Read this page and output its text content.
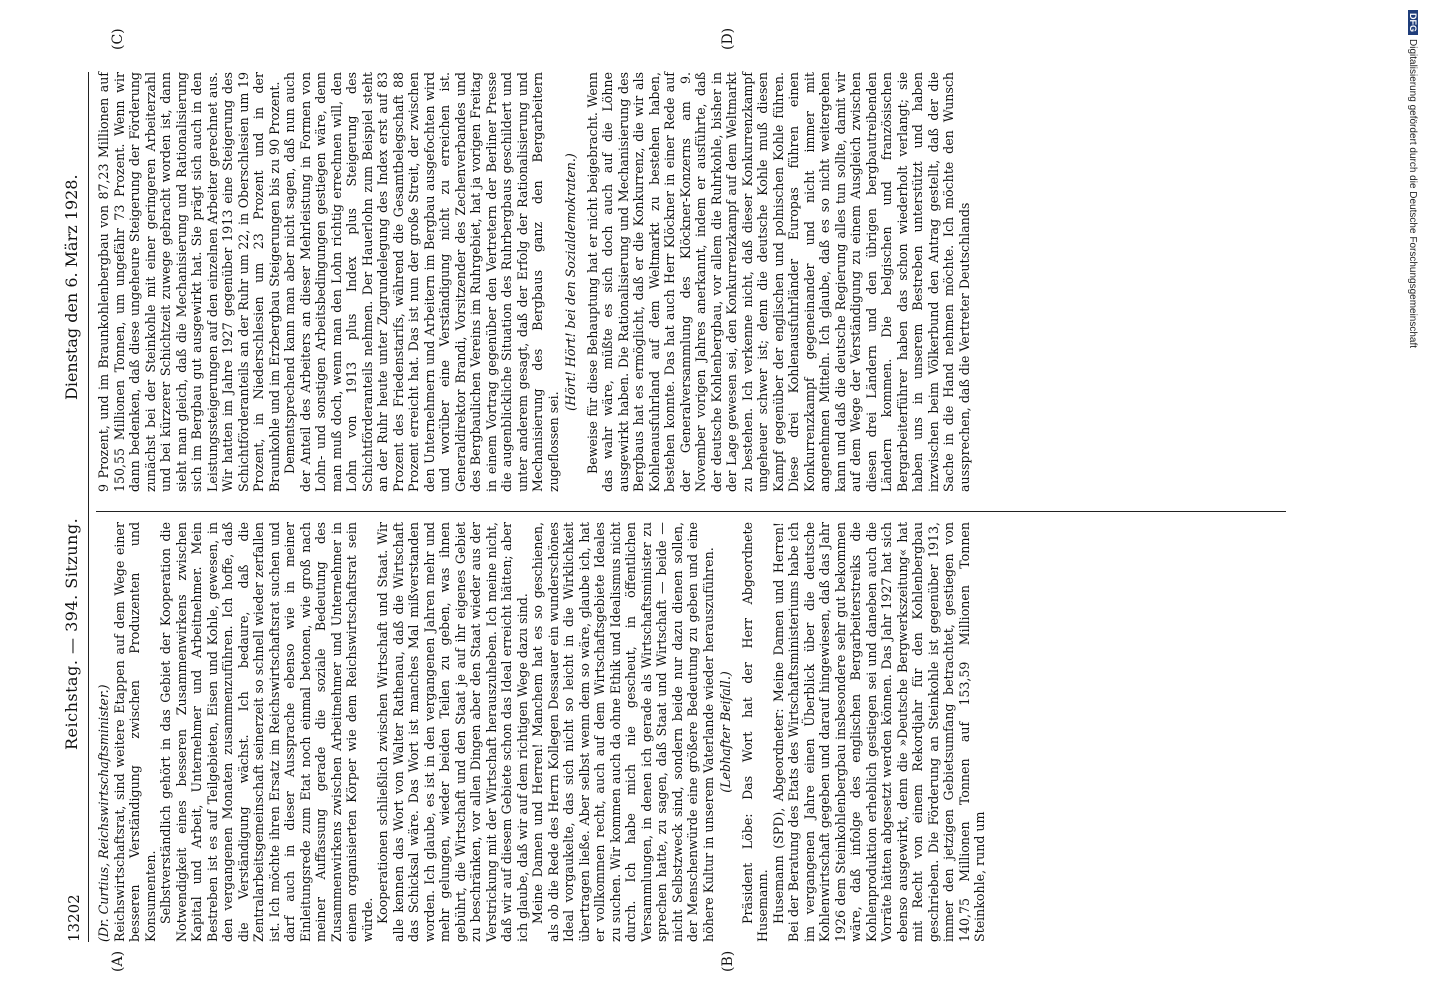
(A)	(B)
(C)	(D)
13202
Reichstag. — 394. Sitzung.
Dienstag den 6. März 1928.

(Dr. Curtius, Reichswirtschaftsminister.) Reichswirtschaftsrat, sind weitere Etappen auf dem Wege einer besseren Verständigung zwischen Produzenten und Konsumenten. Selbstverständlich gehört in das Gebiet der Kooperation die Notwendigkeit eines besseren Zusammenwirkens zwischen Kapital und Arbeit, Unternehmer und Arbeitnehmer. Mein Bestreben ist es auf Teilgebieten, Eisen und Kohle, gewesen, in den vergangenen Monaten zusammenzuführen. Ich hoffe, daß die Verständigung wächst. Ich bedaure, daß die Zentralarbeitsgemeinschaft seinerzeit so schnell wieder zerfallen ist. Ich möchte ihren Ersatz im Reichswirtschaftsrat suchen und darf auch in dieser Aussprache ebenso wie in meiner Einleitungsrede zum Etat noch einmal betonen, wie groß nach meiner Auffassung gerade die soziale Bedeutung des Zusammenwirkens zwischen Arbeitnehmer und Unternehmer in einem organisierten Körper wie dem Reichswirtschaftsrat sein würde. Kooperationen schließlich zwischen Wirtschaft und Staat. Wir alle kennen das Wort von Walter Rathenau, daß die Wirtschaft das Schicksal wäre. Das Wort ist manches Mal mißverstanden worden. Ich glaube, es ist in den vergangenen Jahren mehr und mehr gelungen, wieder beiden Teilen zu geben, was ihnen gebührt, die Wirtschaft und den Staat je auf ihr eigenes Gebiet zu beschränken, vor allen Dingen aber den Staat wieder aus der Verstrickung mit der Wirtschaft herauszuheben. Ich meine nicht, daß wir auf diesem Gebiete schon das Ideal erreicht hätten; aber ich glaube, daß wir auf dem richtigen Wege dazu sind. Meine Damen und Herren! Manchem hat es so geschienen, als ob die Rede des Herrn Kollegen Dessauer ein wunderschönes Ideal vorgaukelte, das sich nicht so leicht in die Wirklichkeit übertragen ließe. Aber selbst wenn dem so wäre, glaube ich, hat er vollkommen recht, auch auf dem Wirtschaftsgebiete Ideales zu suchen. Wir kommen auch da ohne Ethik und Idealismus nicht durch. Ich habe mich nie gescheut, in öffentlichen Versammlungen, in denen ich gerade als Wirtschaftsminister zu sprechen hatte, zu sagen, daß Staat und Wirtschaft — beide — nicht Selbstzweck sind, sondern beide nur dazu dienen sollen, der Menschenwürde eine größere Bedeutung zu geben und eine höhere Kultur in unserem Vaterlande wieder herauszuführen. (Lebhafter Beifall.) Präsident Löbe: Das Wort hat der Herr Abgeordnete Husemann. Husemann (SPD), Abgeordneter: Meine Damen und Herren! Bei der Beratung des Etats des Wirtschaftsministeriums habe ich im vergangenen Jahre einen Überblick über die deutsche Kohlenwirtschaft gegeben und darauf hingewiesen, daß das Jahr 1926 dem Steinkohlenbergbau insbesondere sehr gut bekommen wäre, daß infolge des englischen Bergarbeiterstreiks die Kohlenproduktion erheblich gestiegen sei und daneben auch die Vorräte hätten abgesetzt werden können. Das Jahr 1927 hat sich ebenso ausgewirkt, denn die »Deutsche Bergwerkszeitung« hat mit Recht von einem Rekordjahr für den Kohlenbergbau geschrieben. Die Förderung an Steinkohle ist gegenüber 1913, immer den jetzigen Gebietsumfang betrachtet, gestiegen von 140,75 Millionen Tonnen auf 153,59 Millionen Tonnen Steinkohle, rund um

9 Prozent, und im Braunkohlenbergbau von 87,23 Millionen auf 150,55 Millionen Tonnen, um ungefähr 73 Prozent. Wenn wir dann bedenken, daß diese ungeheure Steigerung der Förderung zunächst bei der Steinkohle mit einer geringeren Arbeiterzahl und bei kürzerer Schichtzeit zuwege gebracht worden ist, dann sieht man gleich, daß die Mechanisierung und Rationalisierung sich im Bergbau gut ausgewirkt hat. Sie prägt sich auch in den Leistungssteigerungen auf den einzelnen Arbeiter gerechnet aus. Wir hatten im Jahre 1927 gegenüber 1913 eine Steigerung des Schichtförderanteils an der Ruhr um 22, in Oberschlesien um 19 Prozent, in Niederschlesien um 23 Prozent und in der Braunkohle und im Erzbergbau Steigerungen bis zu 90 Prozent. Dementsprechend kann man aber nicht sagen, daß nun auch der Anteil des Arbeiters an dieser Mehrleistung in Formen von Lohn- und sonstigen Arbeitsbedingungen gestiegen wäre, denn man muß doch, wenn man den Lohn richtig errechnen will, den Lohn von 1913 plus Index plus Steigerung des Schichtförderanteils nehmen. Der Hauerlohn zum Beispiel steht an der Ruhr heute unter Zugrundelegung des Index erst auf 83 Prozent des Friedenstarifs, während die Gesamtbelegschaft 88 Prozent erreicht hat. Das ist nun der große Streit, der zwischen den Unternehmern und Arbeitern im Bergbau ausgefochten wird und worüber eine Verständigung nicht zu erreichen ist. Generaldirektor Brandi, Vorsitzender des Zechenverbandes und des Bergbaulichen Vereins im Ruhrgebiet, hat ja vorigen Freitag in einem Vortrag gegenüber den Vertretern der Berliner Presse die augenblickliche Situation des Ruhrbergbaus geschildert und unter anderem gesagt, daß der Erfolg der Rationalisierung und Mechanisierung des Bergbaus ganz den Bergarbeitern zugeflossen sei.

(Hört! Hört! bei den Sozialdemokraten.) Beweise für diese Behauptung hat er nicht beigebracht. Wenn das wahr wäre, müßte es sich doch auch auf die Löhne ausgewirkt haben. Die Rationalisierung und Mechanisierung des Bergbaus hat es ermöglicht, daß er die Konkurrenz, die wir als Kohlenausfuhrland auf dem Weltmarkt zu bestehen haben, bestehen konnte. Das hat auch Herr Klöckner in einer Rede auf der Generalversammlung des Klöckner-Konzerns am 9. November vorigen Jahres anerkannt, indem er ausführte, daß der deutsche Kohlenbergbau, vor allem die Ruhrkohle, bisher in der Lage gewesen sei, den Konkurrenzkampf auf dem Weltmarkt zu bestehen. Ich verkenne nicht, daß dieser Konkurrenzkampf ungeheuer schwer ist; denn die deutsche Kohle muß diesen Kampf gegenüber der englischen und polnischen Kohle führen. Diese drei Kohlenausfuhrländer Europas führen einen Konkurrenzkampf gegeneinander und nicht immer mit angenehmen Mitteln. Ich glaube, daß es so nicht weitergehen kann und daß die deutsche Regierung alles tun sollte, damit wir auf dem Wege der Verständigung zu einem Ausgleich zwischen diesen drei Ländern und den übrigen bergbautreibenden Ländern kommen. Die belgischen und französischen Bergarbeiterführer haben das schon wiederholt verlangt; sie haben uns in unserem Bestreben unterstützt und haben inzwischen beim Völkerbund den Antrag gestellt, daß der die Sache in die Hand nehmen möchte. Ich möchte den Wunsch aussprechen, daß die Vertreter Deutschlands

DFGDigitalisierung gefördert durch die Deutsche Forschungsgemeinschaft
